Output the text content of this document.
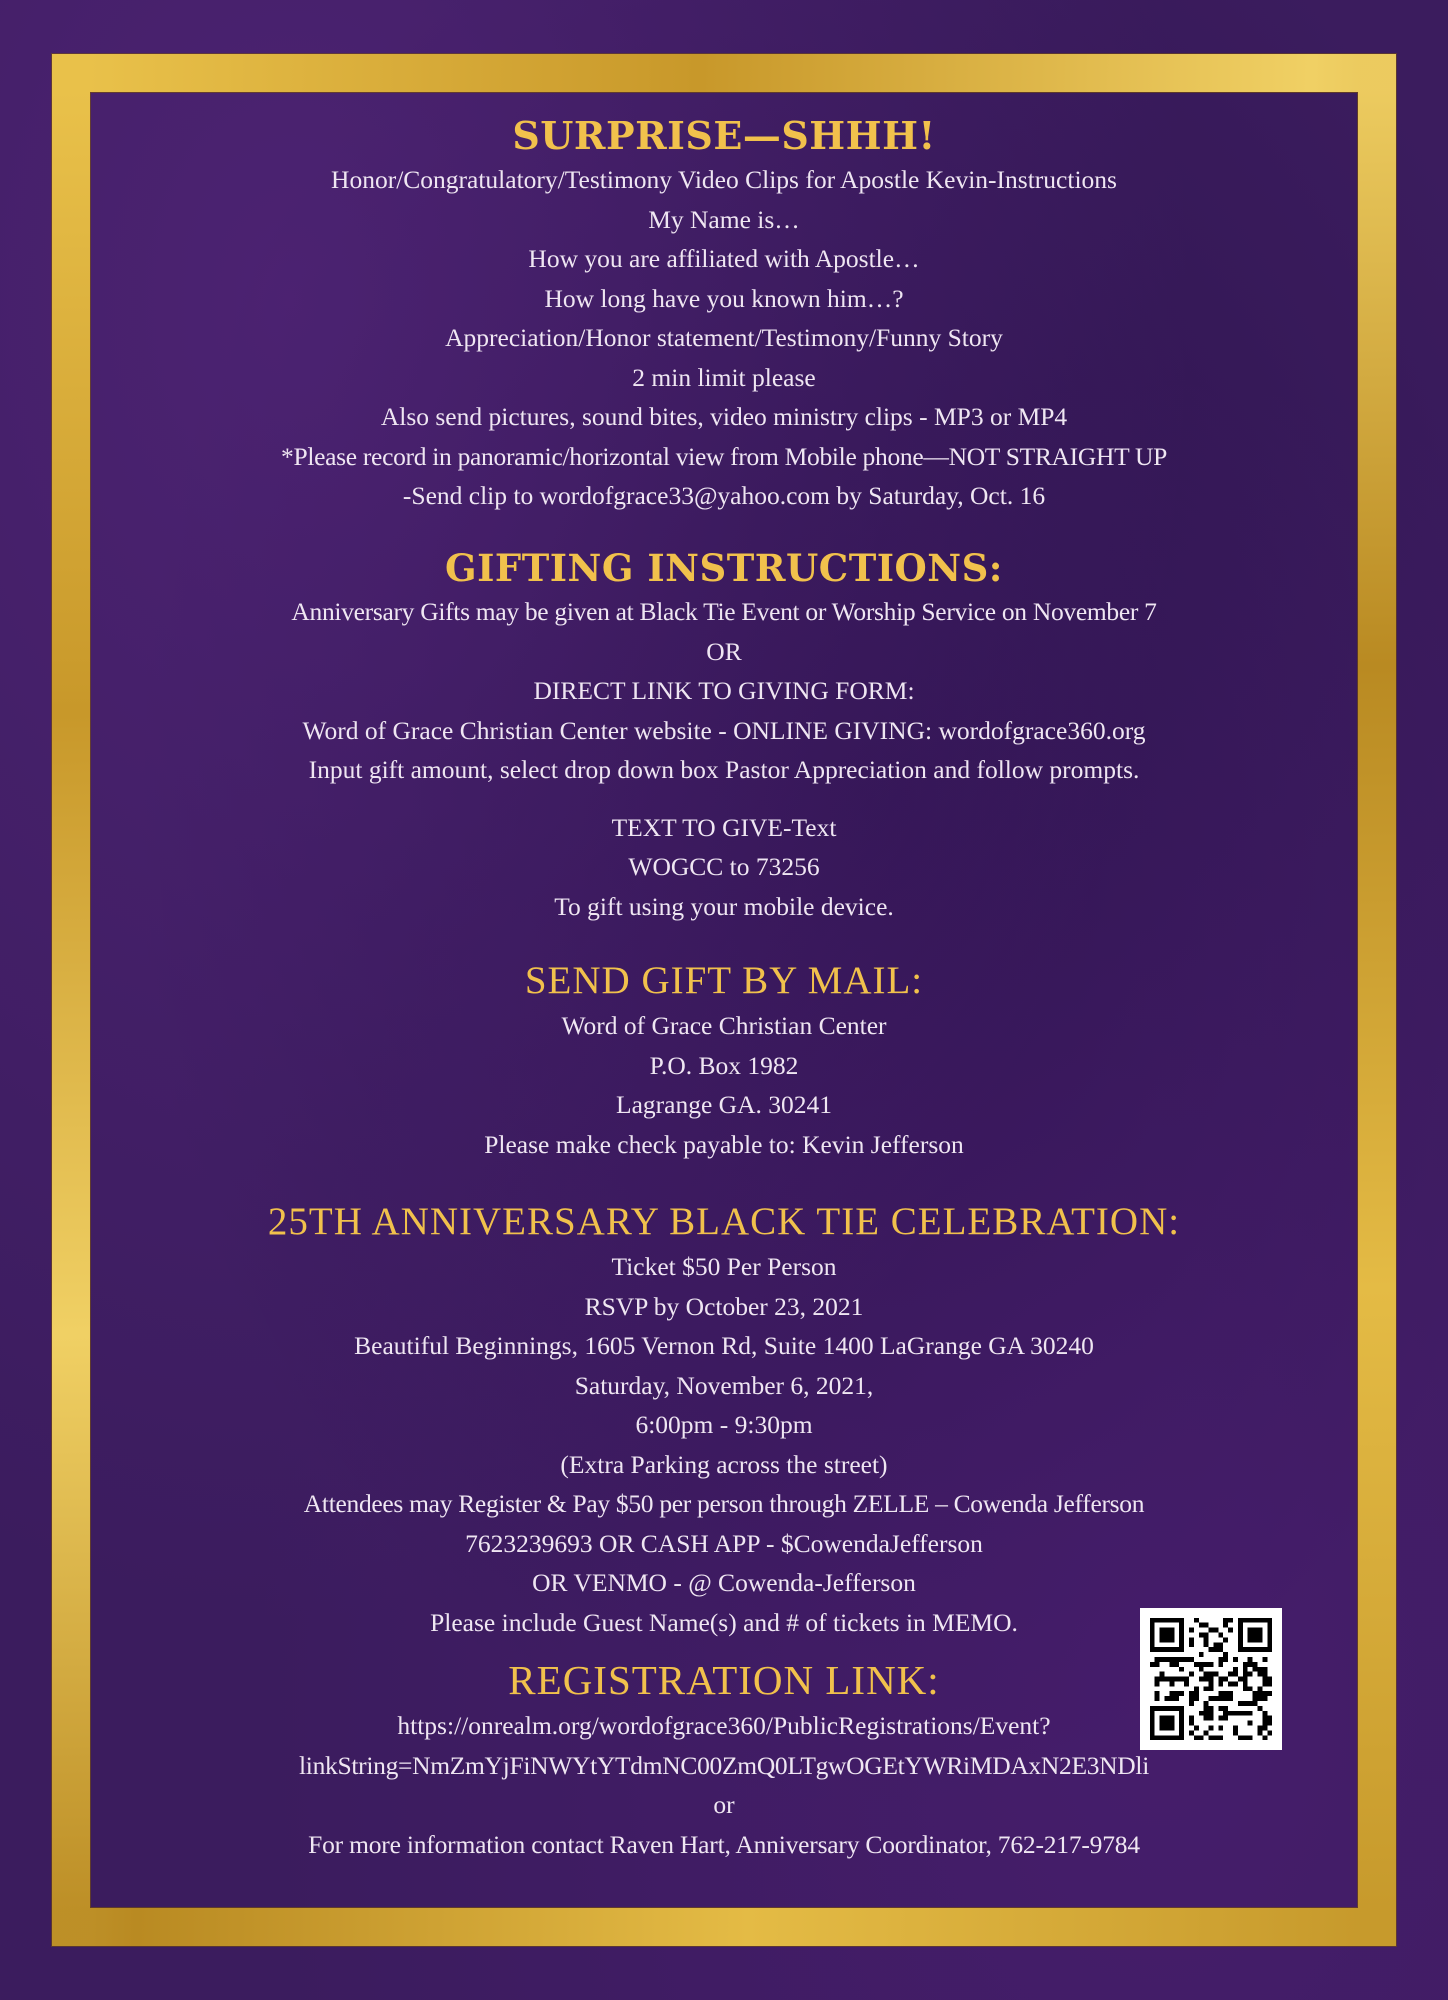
SURPRISE—SHHH!
Honor/Congratulatory/Testimony Video Clips for Apostle Kevin-Instructions
My Name is…
How you are affiliated with Apostle…
How long have you known him…?
Appreciation/Honor statement/Testimony/Funny Story
2 min limit please
Also send pictures, sound bites, video ministry clips - MP3 or MP4
*Please record in panoramic/horizontal view from Mobile phone—NOT STRAIGHT UP
-Send clip to wordofgrace33@yahoo.com by Saturday, Oct. 16
GIFTING INSTRUCTIONS:
Anniversary Gifts may be given at Black Tie Event or Worship Service on November 7
OR
DIRECT LINK TO GIVING FORM:
Word of Grace Christian Center website - ONLINE GIVING: wordofgrace360.org
Input gift amount, select drop down box Pastor Appreciation and follow prompts.
TEXT TO GIVE-Text
WOGCC to 73256
To gift using your mobile device.
SEND GIFT BY MAIL:
Word of Grace Christian Center
P.O. Box 1982
Lagrange GA. 30241
Please make check payable to: Kevin Jefferson
25TH ANNIVERSARY BLACK TIE CELEBRATION:
Ticket $50 Per Person
RSVP by October 23, 2021
Beautiful Beginnings, 1605 Vernon Rd, Suite 1400 LaGrange GA 30240
Saturday, November 6, 2021,
6:00pm - 9:30pm
(Extra Parking across the street)
Attendees may Register & Pay $50 per person through ZELLE – Cowenda Jefferson
7623239693 OR CASH APP - $CowendaJefferson
OR VENMO - @ Cowenda-Jefferson
Please include Guest Name(s) and # of tickets in MEMO.
REGISTRATION LINK:
https://onrealm.org/wordofgrace360/PublicRegistrations/Event?
linkString=NmZmYjFiNWYtYTdmNC00ZmQ0LTgwOGEtYWRiMDAxN2E3NDli
or
For more information contact Raven Hart, Anniversary Coordinator, 762-217-9784
